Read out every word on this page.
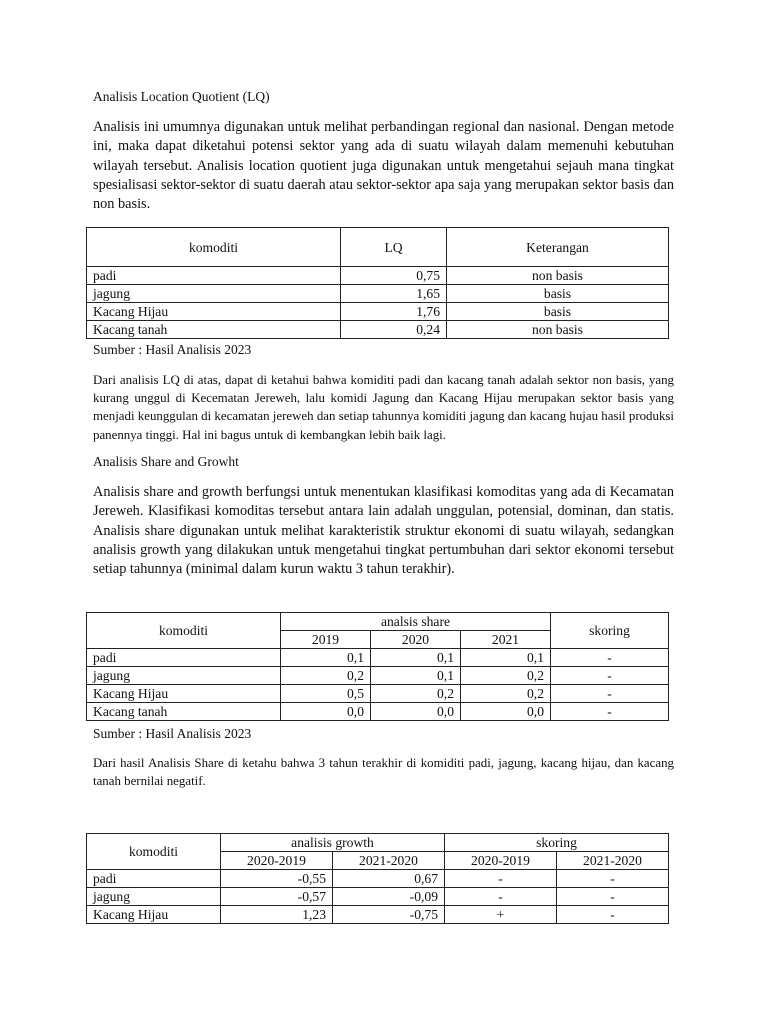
Analisis Location Quotient (LQ)
Analisis ini umumnya digunakan untuk melihat perbandingan regional dan nasional. Dengan metode ini, maka dapat diketahui potensi sektor yang ada di suatu wilayah dalam memenuhi kebutuhan wilayah tersebut. Analisis location quotient juga digunakan untuk mengetahui sejauh mana tingkat spesialisasi sektor-sektor di suatu daerah atau sektor-sektor apa saja yang merupakan sektor basis dan non basis.
komoditi	LQ	Keterangan
padi	0,75	non basis
jagung	1,65	basis
Kacang Hijau	1,76	basis
Kacang tanah	0,24	non basis
Sumber : Hasil Analisis 2023
Dari analisis LQ di atas, dapat di ketahui bahwa komiditi padi dan kacang tanah adalah sektor non basis, yang kurang unggul di Kecematan Jereweh, lalu komidi Jagung dan Kacang Hijau merupakan sektor basis yang menjadi keunggulan di kecamatan jereweh dan setiap tahunnya komiditi jagung dan kacang hujau hasil produksi panennya tinggi. Hal ini bagus untuk di kembangkan lebih baik lagi.
Analisis Share and Growht
Analisis share and growth berfungsi untuk menentukan klasifikasi komoditas yang ada di Kecamatan Jereweh. Klasifikasi komoditas tersebut antara lain adalah unggulan, potensial, dominan, dan statis. Analisis share digunakan untuk melihat karakteristik struktur ekonomi di suatu wilayah, sedangkan analisis growth yang dilakukan untuk mengetahui tingkat pertumbuhan dari sektor ekonomi tersebut setiap tahunnya (minimal dalam kurun waktu 3 tahun terakhir).
komoditi	analsis share			skoring
	2019	2020	2021	
padi	0,1	0,1	0,1	-
jagung	0,2	0,1	0,2	-
Kacang Hijau	0,5	0,2	0,2	-
Kacang tanah	0,0	0,0	0,0	-
Sumber : Hasil Analisis 2023
Dari hasil Analisis Share di ketahu bahwa 3 tahun terakhir di komiditi padi, jagung, kacang hijau, dan kacang tanah bernilai negatif.
komoditi	analisis growth		skoring	
	2020-2019	2021-2020	2020-2019	2021-2020
padi	-0,55	0,67	-	-
jagung	-0,57	-0,09	-	-
Kacang Hijau	1,23	-0,75	+	-
